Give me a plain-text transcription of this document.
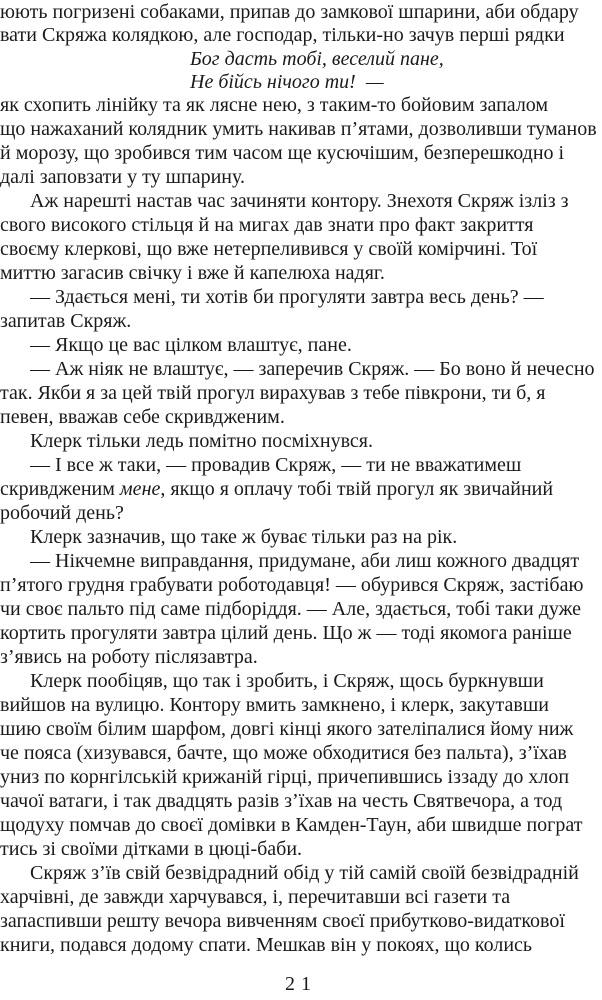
юють погризені собаками, припав до замкової шпарини, аби обдару
вати Скряжа колядкою, але господар, тільки-но зачув перші рядки
Бог дасть тобі, веселий пане,
Не бійсь нічого ти!  —
як схопить лінійку та як лясне нею, з таким-то бойовим запалом
що нажаханий колядник умить накивав п’ятами, дозволивши туманов
й морозу, що зробився тим часом ще кусючішим, безперешкодно і
далі заповзати у ту шпарину.
Аж нарешті настав час зачиняти контору. Знехотя Скряж ізліз з
свого високого стільця й на мигах дав знати про факт закриття
своєму клеркові, що вже нетерпеливився у своїй комірчині. Тої
миттю загасив свічку і вже й капелюха надяг.
— Здається мені, ти хотів би прогуляти завтра весь день? —
запитав Скряж.
— Якщо це вас цілком влаштує, пане.
— Аж ніяк не влаштує, — заперечив Скряж. — Бо воно й нечесно
так. Якби я за цей твій прогул вирахував з тебе півкрони, ти б, я
певен, вважав себе скривдженим.
Клерк тільки ледь помітно посміхнувся.
— І все ж таки, — провадив Скряж, — ти не вважатимеш
скривдженим мене, якщо я оплачу тобі твій прогул як звичайний
робочий день?
Клерк зазначив, що таке ж буває тільки раз на рік.
— Нікчемне виправдання, придумане, аби лиш кожного двадцят
п’ятого грудня грабувати роботодавця! — обурився Скряж, застібаю
чи своє пальто під саме підборіддя. — Але, здається, тобі таки дуже
кортить прогуляти завтра цілий день. Що ж — тоді якомога раніше
з’явись на роботу післязавтра.
Клерк пообіцяв, що так і зробить, і Скряж, щось буркнувши
вийшов на вулицю. Контору вмить замкнено, і клерк, закутавши
шию своїм білим шарфом, довгі кінці якого зателіпалися йому ниж
че пояса (хизувався, бачте, що може обходитися без пальта), з’їхав
униз по корнгілській крижаній гірці, причепившись іззаду до хлоп
чачої ватаги, і так двадцять разів з’їхав на честь Святвечора, а тод
щодуху помчав до своєї домівки в Камден-Таун, аби швидше пограт
тись зі своїми дітками в цюці-баби.
Скряж з’їв свій безвідрадний обід у тій самій своїй безвідрадній
харчівні, де завжди харчувався, і, перечитавши всі газети та
запаспивши решту вечора вивченням своєї прибутково-видаткової
книги, подався додому спати. Мешкав він у покоях, що колись
21
